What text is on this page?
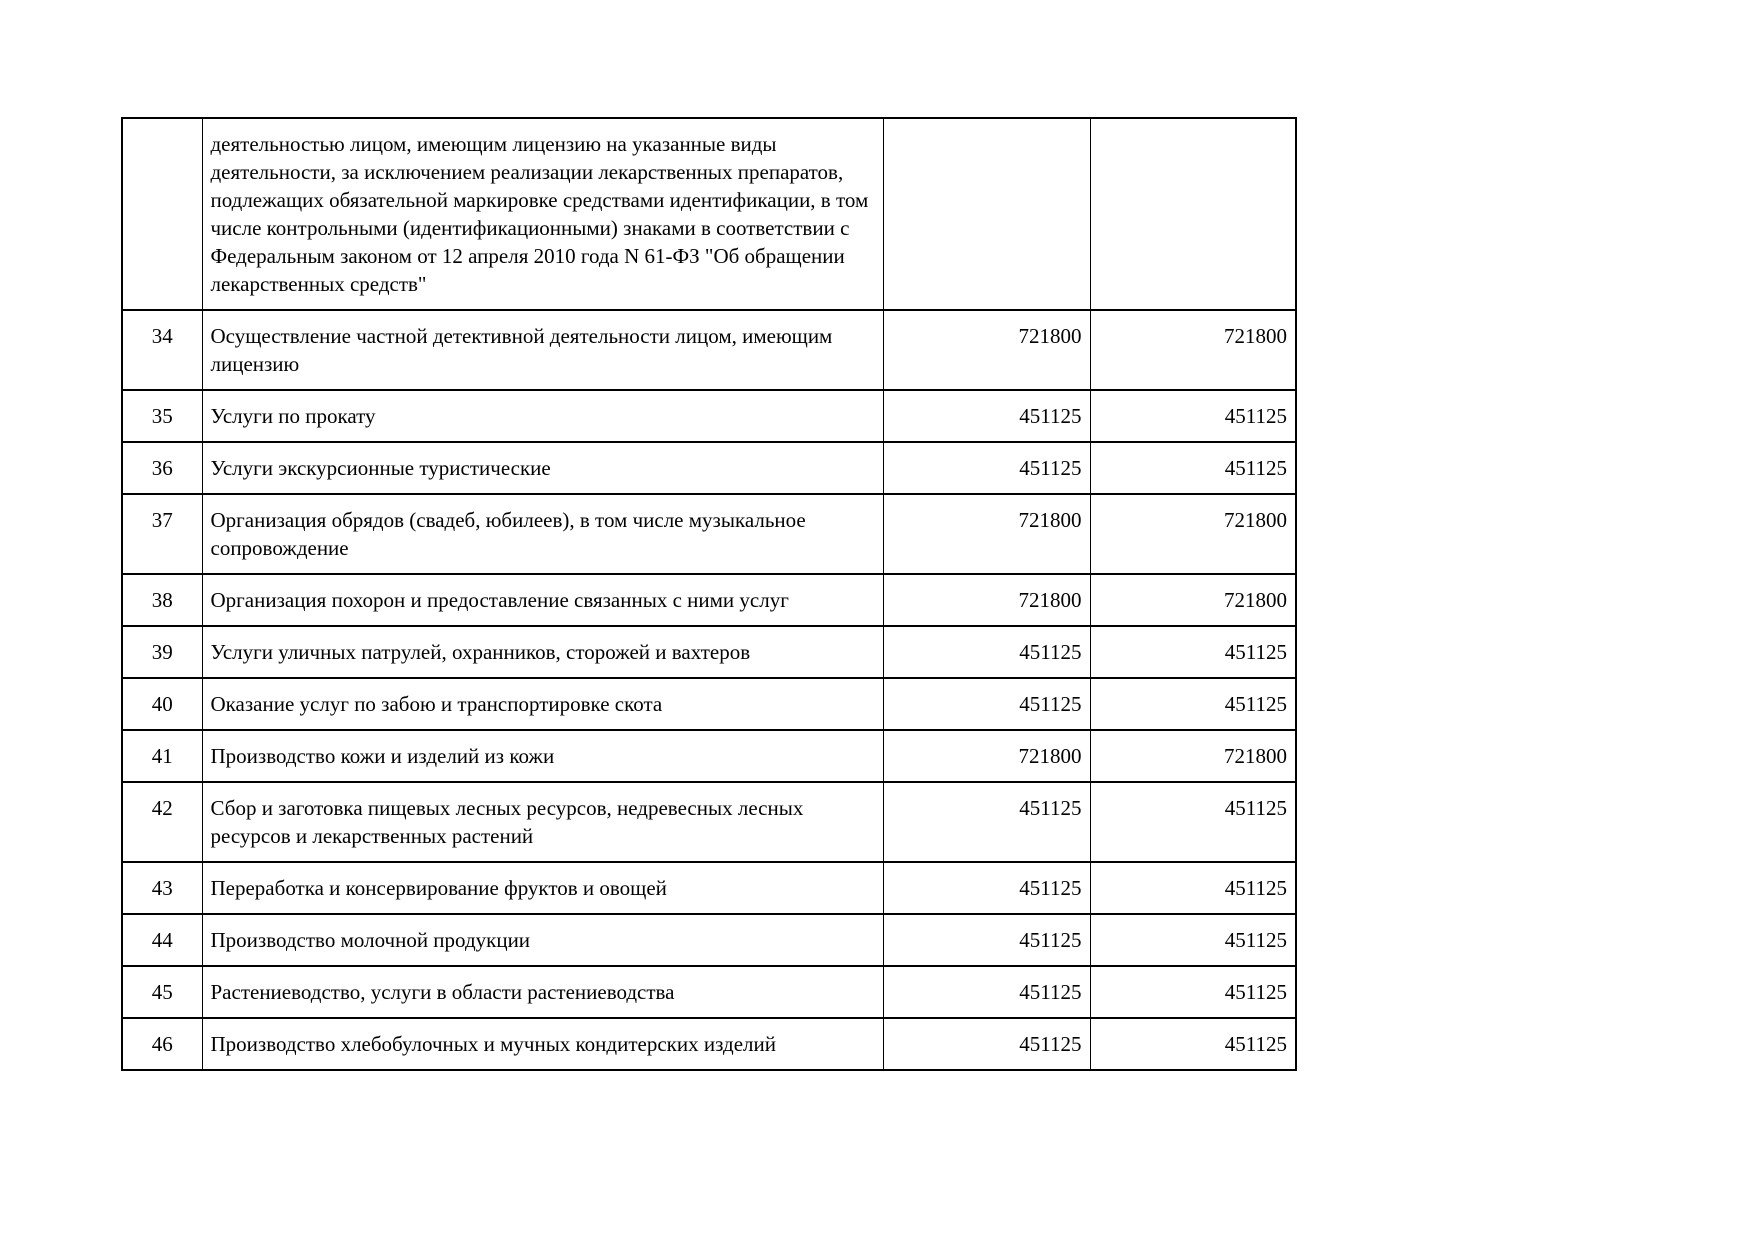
	деятельностью лицом, имеющим лицензию на указанные виды деятельности, за исключением реализации лекарственных препаратов, подлежащих обязательной маркировке средствами идентификации, в том числе контрольными (идентификационными) знаками в соответствии с Федеральным законом от 12 апреля 2010 года N 61-ФЗ "Об обращении лекарственных средств"		
34	Осуществление частной детективной деятельности лицом, имеющим лицензию	721800	721800
35	Услуги по прокату	451125	451125
36	Услуги экскурсионные туристические	451125	451125
37	Организация обрядов (свадеб, юбилеев), в том числе музыкальное сопровождение	721800	721800
38	Организация похорон и предоставление связанных с ними услуг	721800	721800
39	Услуги уличных патрулей, охранников, сторожей и вахтеров	451125	451125
40	Оказание услуг по забою и транспортировке скота	451125	451125
41	Производство кожи и изделий из кожи	721800	721800
42	Сбор и заготовка пищевых лесных ресурсов, недревесных лесных ресурсов и лекарственных растений	451125	451125
43	Переработка и консервирование фруктов и овощей	451125	451125
44	Производство молочной продукции	451125	451125
45	Растениеводство, услуги в области растениеводства	451125	451125
46	Производство хлебобулочных и мучных кондитерских изделий	451125	451125
